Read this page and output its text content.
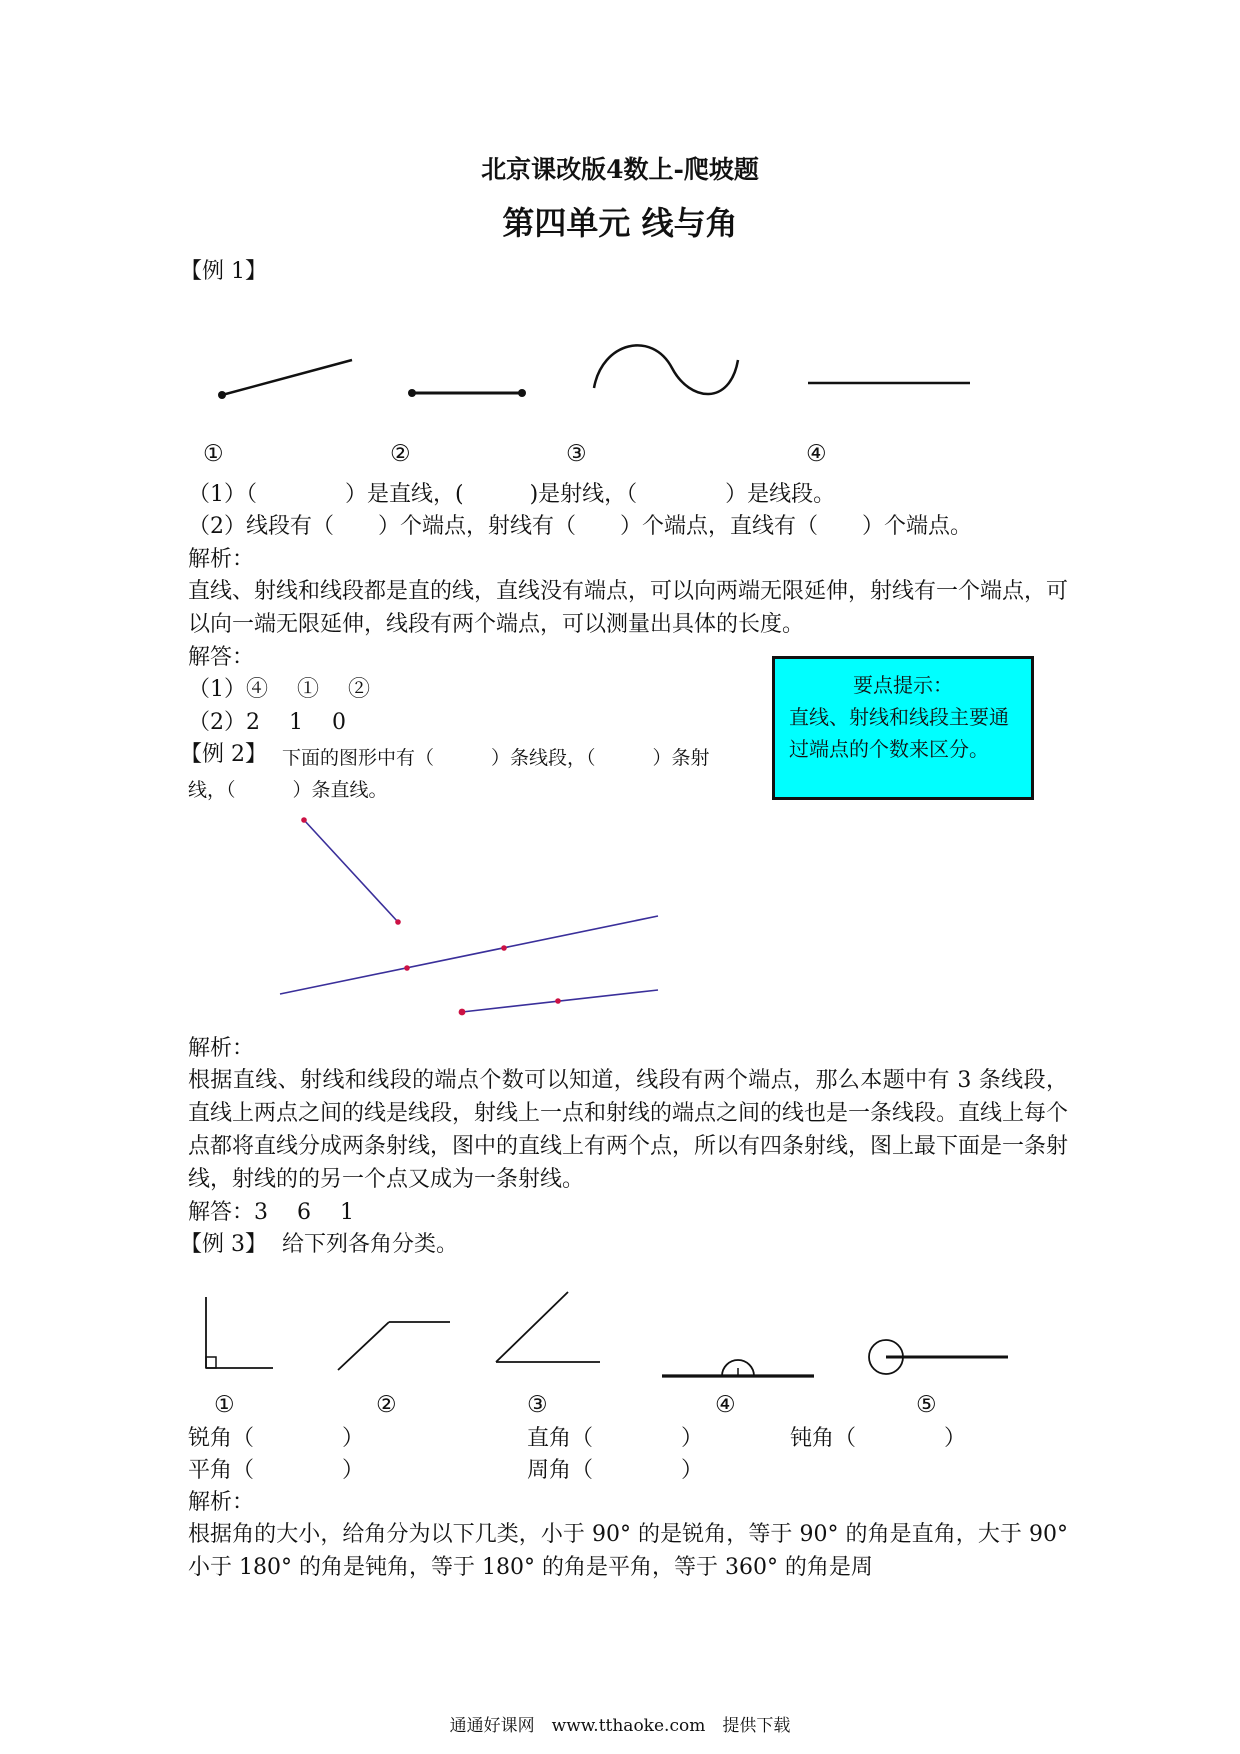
北京课改版4数上-爬坡题
第四单元 线与角
【例 1】
①	②	③	④
（1）（　　　　）是直线，(　　　)是射线，（　　　　）是线段。
（2）线段有（　　）个端点，射线有（　　）个端点，直线有（　　）个端点。
解析：
直线、射线和线段都是直的线，直线没有端点，可以向两端无限延伸，射线有一个端点，可以向一端无限延伸，线段有两个端点，可以测量出具体的长度。
解答：
（1）④　 ①　 ②
（2）2　 1　 0
要点提示：
直线、射线和线段主要通过端点的个数来区分。
【例 2】 下面的图形中有（　　　）条线段，（　　　）条射
线，（　　　）条直线。
解析：
根据直线、射线和线段的端点个数可以知道，线段有两个端点，那么本题中有 3 条线段，直线上两点之间的线是线段，射线上一点和射线的端点之间的线也是一条线段。直线上每个点都将直线分成两条射线，图中的直线上有两个点，所以有四条射线，图上最下面是一条射线，射线的的另一个点又成为一条射线。
解答：3　 6　 1
【例 3】 给下列各角分类。
①	②	③	④	⑤
锐角（　　　　）	直角（　　　　）	钝角（　　　　）
平角（　　　　）	周角（　　　　）
解析：
根据角的大小，给角分为以下几类，小于 90° 的是锐角，等于 90° 的角是直角，大于 90° 小于 180° 的角是钝角，等于 180° 的角是平角，等于 360° 的角是周
通通好课网　www.tthaoke.com　提供下载
